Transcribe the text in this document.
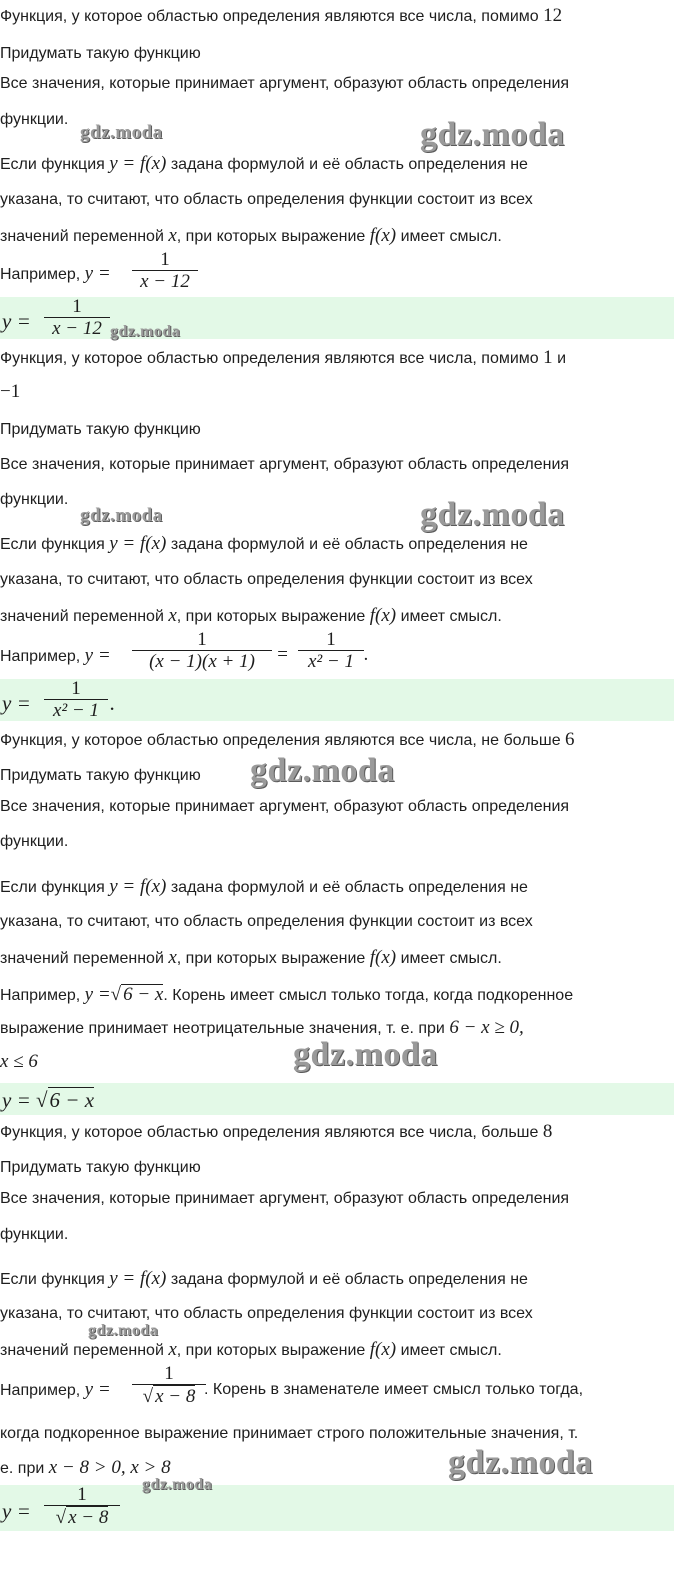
Функция, у которое областью определения являются все числа, помимо 12
Придумать такую функцию
Все значения, которые принимает аргумент, образуют область определения
функции.
Если функция y = f(x) задана формулой и её область определения не
указана, то считают, что область определения функции состоит из всех
значений переменной x, при которых выражение f(x) имеет смысл.
Например, y =
1
x − 12
y =
1
x − 12
Функция, у которое областью определения являются все числа, помимо 1 и
−1
Придумать такую функцию
Все значения, которые принимает аргумент, образуют область определения
функции.
Если функция y = f(x) задана формулой и её область определения не
указана, то считают, что область определения функции состоит из всех
значений переменной x, при которых выражение f(x) имеет смысл.
Например, y =
1
(x − 1)(x + 1)	=
1
x² − 1 .
y =
1
x² − 1 .
Функция, у которое областью определения являются все числа, не больше 6
Придумать такую функцию
Все значения, которые принимает аргумент, образуют область определения
функции.
Если функция y = f(x) задана формулой и её область определения не
указана, то считают, что область определения функции состоит из всех
значений переменной x, при которых выражение f(x) имеет смысл.
Например, y =√ 6 − x. Корень имеет смысл только тогда, когда подкоренное
выражение принимает неотрицательные значения, т. е. при 6 − x ≥ 0,
x ≤ 6
y = √6 − x
Функция, у которое областью определения являются все числа, больше 8
Придумать такую функцию
Все значения, которые принимает аргумент, образуют область определения
функции.
Если функция y = f(x) задана формулой и её область определения не
указана, то считают, что область определения функции состоит из всех
значений переменной x, при которых выражение f(x) имеет смысл.
Например, y =
1
√ x − 8 . Корень в знаменателе имеет смысл только тогда,
когда подкоренное выражение принимает строго положительные значения, т.
е. при x − 8 > 0, x > 8
y =
1
√ x − 8
gdz.moda	gdz.moda
gdz.moda
gdz.moda	gdz.moda
gdz.moda
gdz.moda
gdz.moda
gdz.moda
gdz.moda
